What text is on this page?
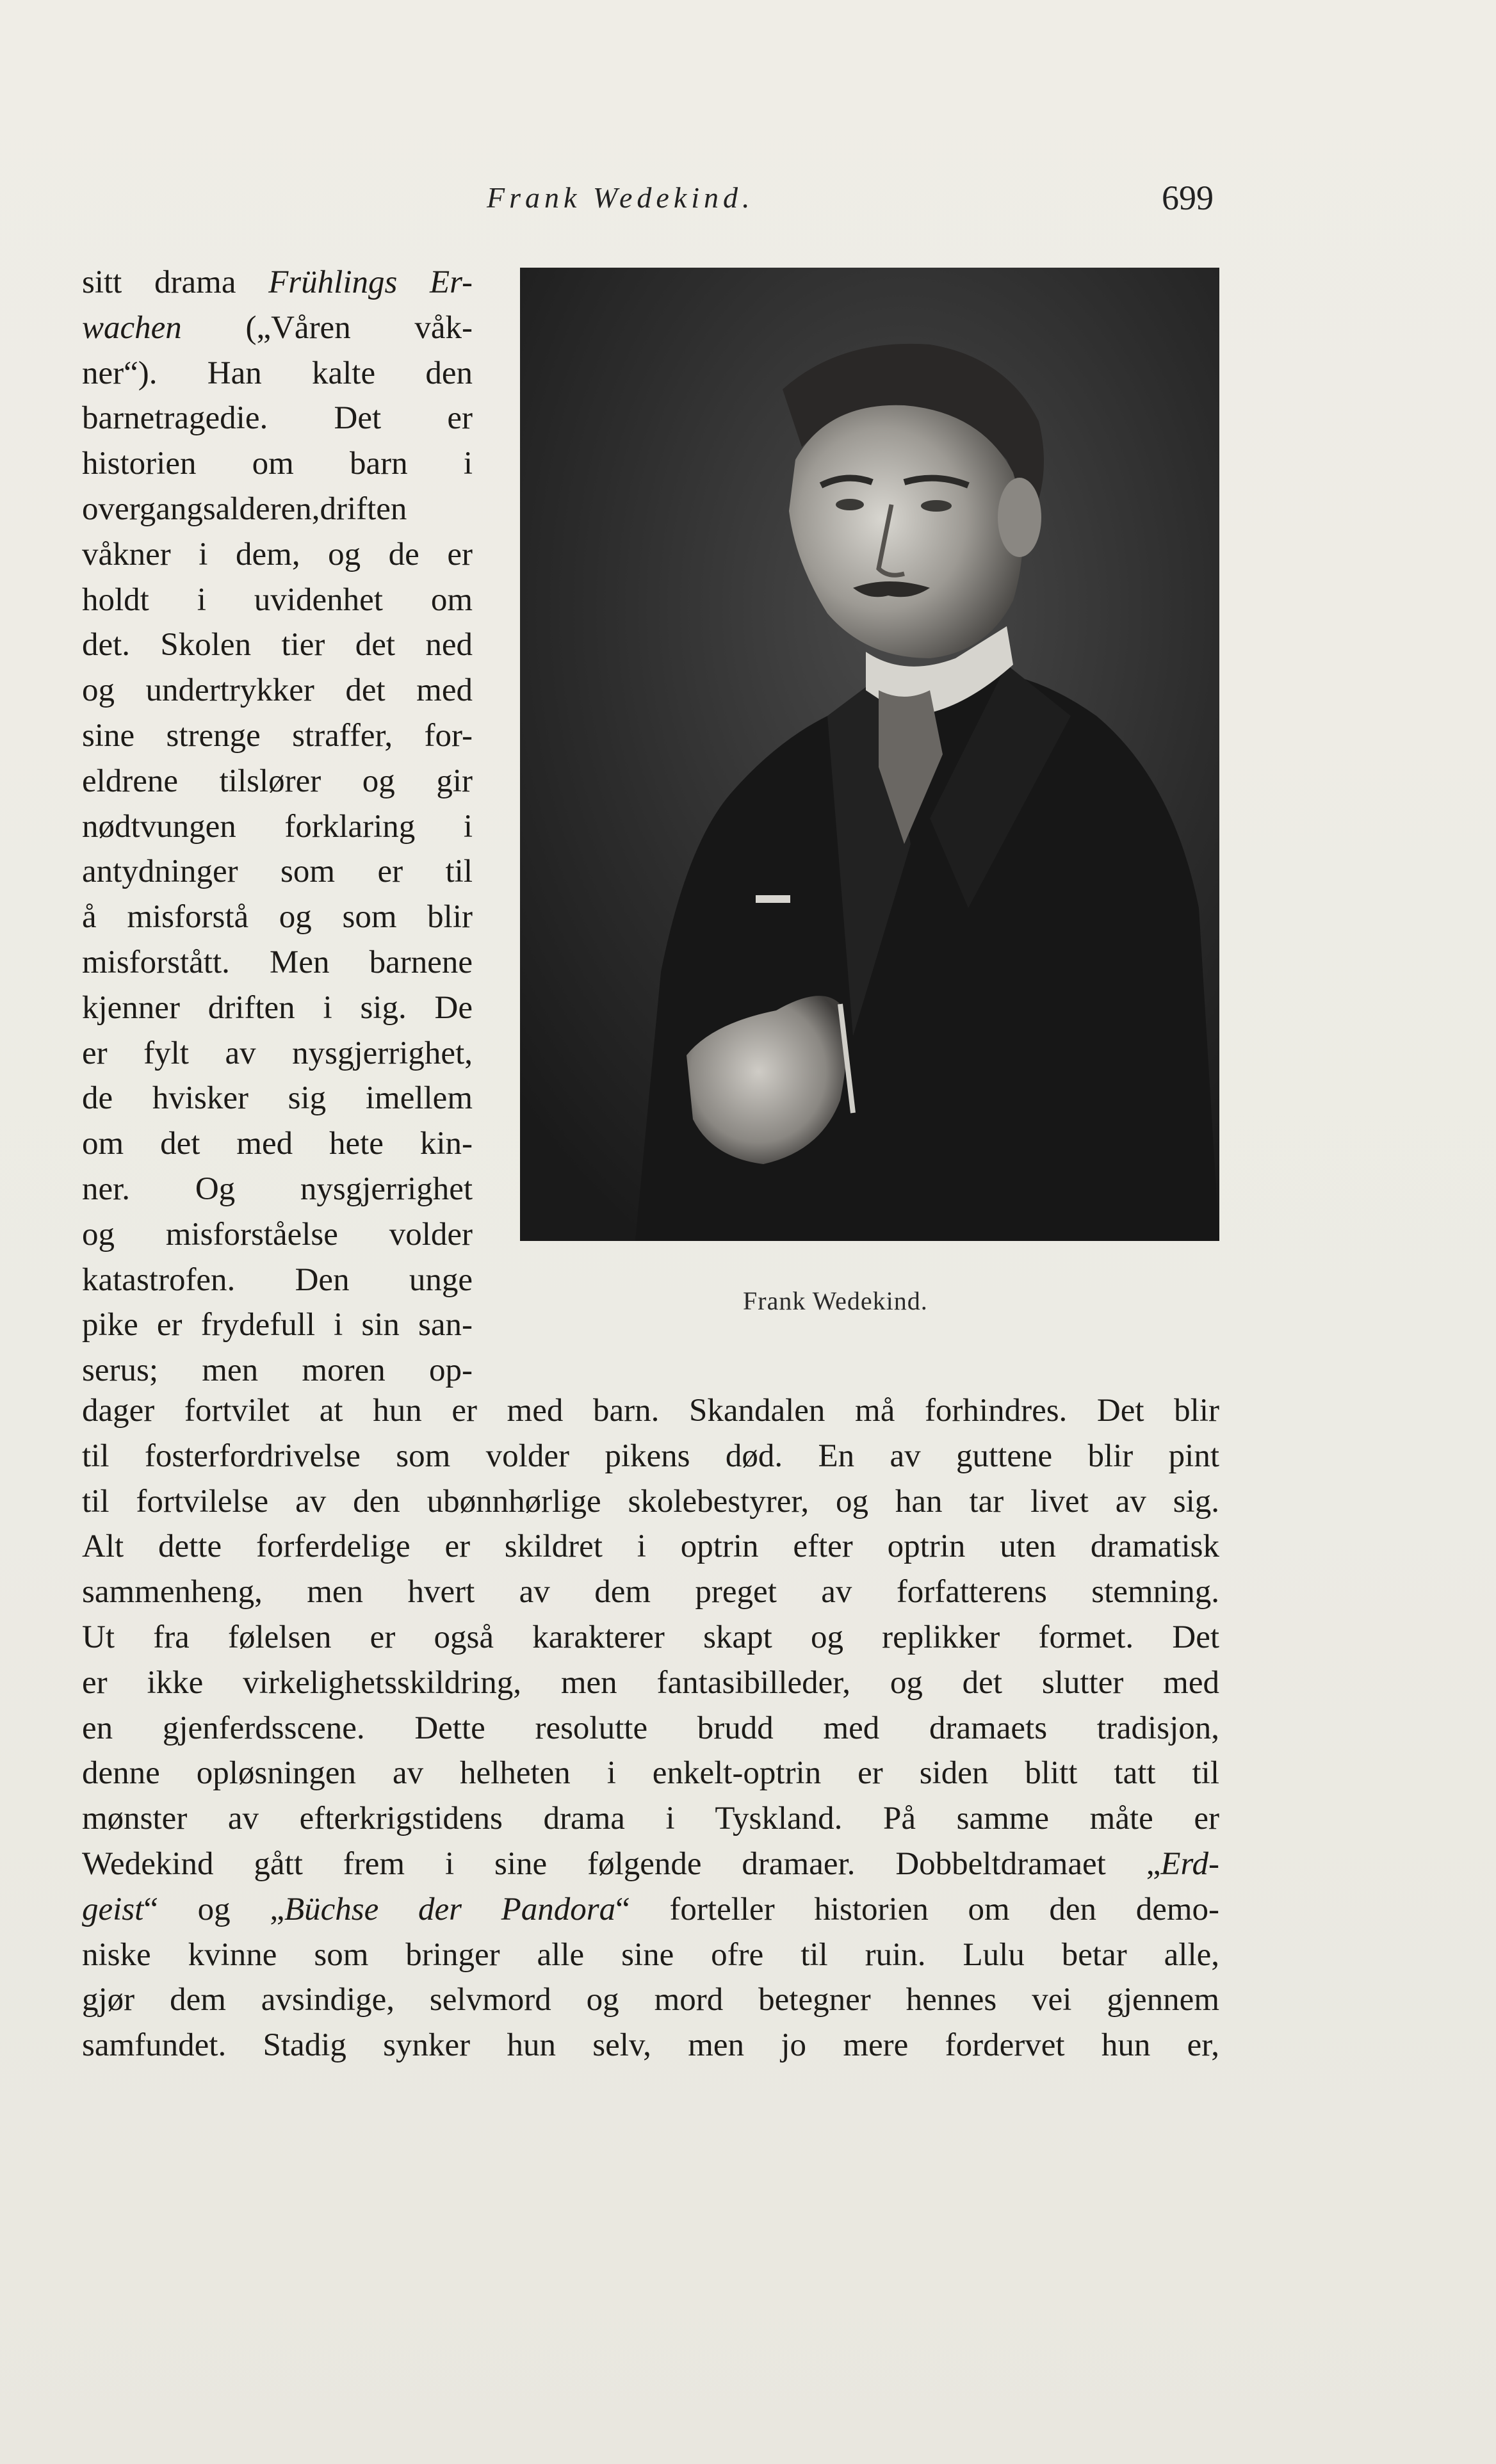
Frank Wedekind.	699
sitt drama Frühlings Er-
wachen („Våren våk-
ner“). Han kalte den
barnetragedie. Det er
historien om barn i
overgangsalderen,driften
våkner i dem, og de er
holdt i uvidenhet om
det. Skolen tier det ned
og undertrykker det med
sine strenge straffer, for-
eldrene tilslører og gir
nødtvungen forklaring i
antydninger som er til
å misforstå og som blir
misforstått. Men barnene
kjenner driften i sig. De
er fylt av nysgjerrighet,
de hvisker sig imellem
om det med hete kin-
ner. Og nysgjerrighet
og misforståelse volder
katastrofen. Den unge
pike er frydefull i sin san-
serus; men moren op-
Frank Wedekind.
dager fortvilet at hun er med barn. Skandalen må forhindres. Det blir
til fosterfordrivelse som volder pikens død. En av guttene blir pint
til fortvilelse av den ubønnhørlige skolebestyrer, og han tar livet av sig.
Alt dette forferdelige er skildret i optrin efter optrin uten dramatisk
sammenheng, men hvert av dem preget av forfatterens stemning.
Ut fra følelsen er også karakterer skapt og replikker formet. Det
er ikke virkelighetsskildring, men fantasibilleder, og det slutter med
en gjenferdsscene. Dette resolutte brudd med dramaets tradisjon,
denne opløsningen av helheten i enkelt-optrin er siden blitt tatt til
mønster av efterkrigstidens drama i Tyskland. På samme måte er
Wedekind gått frem i sine følgende dramaer. Dobbeltdramaet „Erd-
geist“ og „Büchse der Pandora“ forteller historien om den demo-
niske kvinne som bringer alle sine ofre til ruin. Lulu betar alle,
gjør dem avsindige, selvmord og mord betegner hennes vei gjennem
samfundet. Stadig synker hun selv, men jo mere fordervet hun er,
